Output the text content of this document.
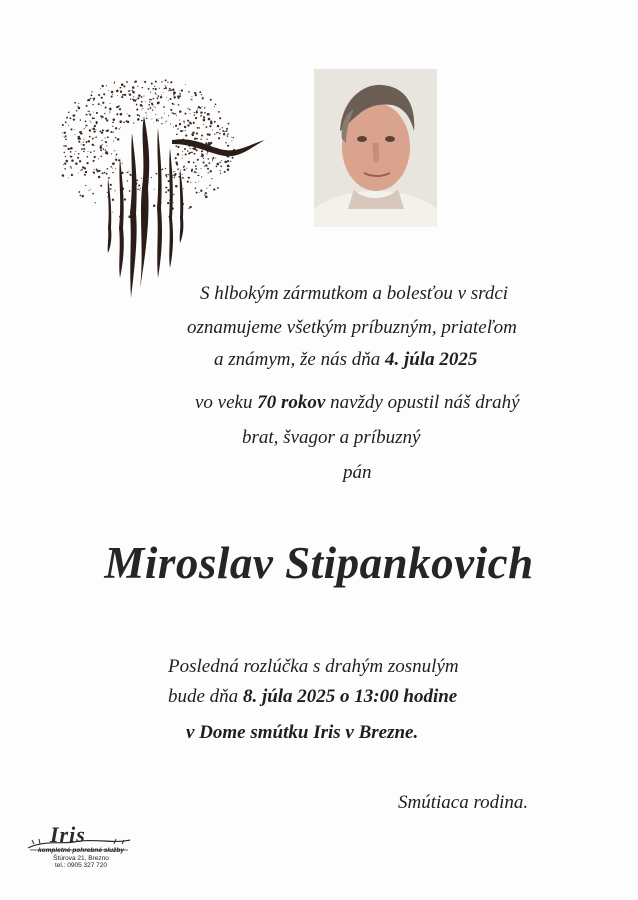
S hlbokým zármutkom a bolesťou v srdci
oznamujeme všetkým príbuzným, priateľom
a známym, že nás dňa 4. júla 2025
vo veku 70 rokov navždy opustil náš drahý
brat, švagor a príbuzný
pán
Miroslav Stipankovich
Posledná rozlúčka s drahým zosnulým
bude dňa 8. júla 2025 o 13:00 hodine
v Dome smútku Iris v Brezne.
Smútiaca rodina.
Iris
kompletné pohrebné služby
Štúrova 21, Brezno
tel.: 0905 327 720
